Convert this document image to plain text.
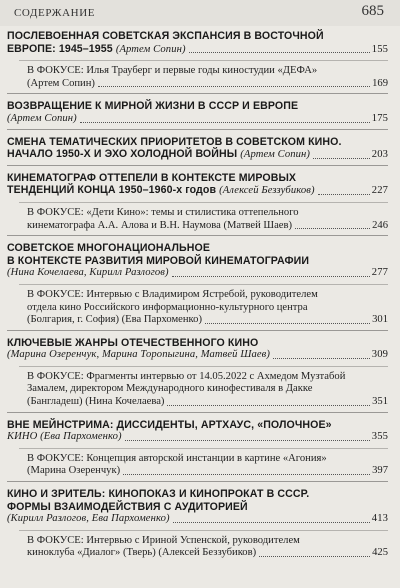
СОДЕРЖАНИЕ	685
ПОСЛЕВОЕННАЯ СОВЕТСКАЯ ЭКСПАНСИЯ В ВОСТОЧНОЙ
ЕВРОПЕ: 1945–1955 (Артем Сопин)	155
В ФОКУСЕ: Илья Трауберг и первые годы киностудии «ДЕФА»
(Артем Сопин)	169
ВОЗВРАЩЕНИЕ К МИРНОЙ ЖИЗНИ В СССР И ЕВРОПЕ
(Артем Сопин)	175
СМЕНА ТЕМАТИЧЕСКИХ ПРИОРИТЕТОВ В СОВЕТСКОМ КИНО.
НАЧАЛО 1950-Х И ЭХО ХОЛОДНОЙ ВОЙНЫ (Артем Сопин)	203
КИНЕМАТОГРАФ ОТТЕПЕЛИ В КОНТЕКСТЕ МИРОВЫХ
ТЕНДЕНЦИЙ КОНЦА 1950–1960-х годов (Алексей Беззубиков)	227
В ФОКУСЕ: «Дети Кино»: темы и стилистика оттепельного
кинематографа А.А. Алова и В.Н. Наумова (Матвей Шаев)	246
СОВЕТСКОЕ МНОГОНАЦИОНАЛЬНОЕ
В КОНТЕКСТЕ РАЗВИТИЯ МИРОВОЙ КИНЕМАТОГРАФИИ
(Нина Кочелаева, Кирилл Разлогов)	277
В ФОКУСЕ: Интервью с Владимиром Ястребой, руководителем
отдела кино Российского информационно-культурного центра
(Болгария, г. София) (Ева Пархоменко)	301
КЛЮЧЕВЫЕ ЖАНРЫ ОТЕЧЕСТВЕННОГО КИНО
(Марина Озеренчук, Марина Торопыгина, Матвей Шаев)	309
В ФОКУСЕ: Фрагменты интервью от 14.05.2022 с Ахмедом Музтабой
Замалем, директором Международного кинофестиваля в Дакке
(Бангладеш) (Нина Кочелаева)	351
ВНЕ МЕЙНСТРИМА: ДИССИДЕНТЫ, АРТХАУС, «ПОЛОЧНОЕ»
КИНО (Ева Пархоменко)	355
В ФОКУСЕ: Концепция авторской инстанции в картине «Агония»
(Марина Озеренчук)	397
КИНО И ЗРИТЕЛЬ: КИНОПОКАЗ И КИНОПРОКАТ В СССР.
ФОРМЫ ВЗАИМОДЕЙСТВИЯ С АУДИТОРИЕЙ
(Кирилл Разлогов, Ева Пархоменко)	413
В ФОКУСЕ: Интервью с Ириной Успенской, руководителем
киноклуба «Диалог» (Тверь) (Алексей Беззубиков)	425
